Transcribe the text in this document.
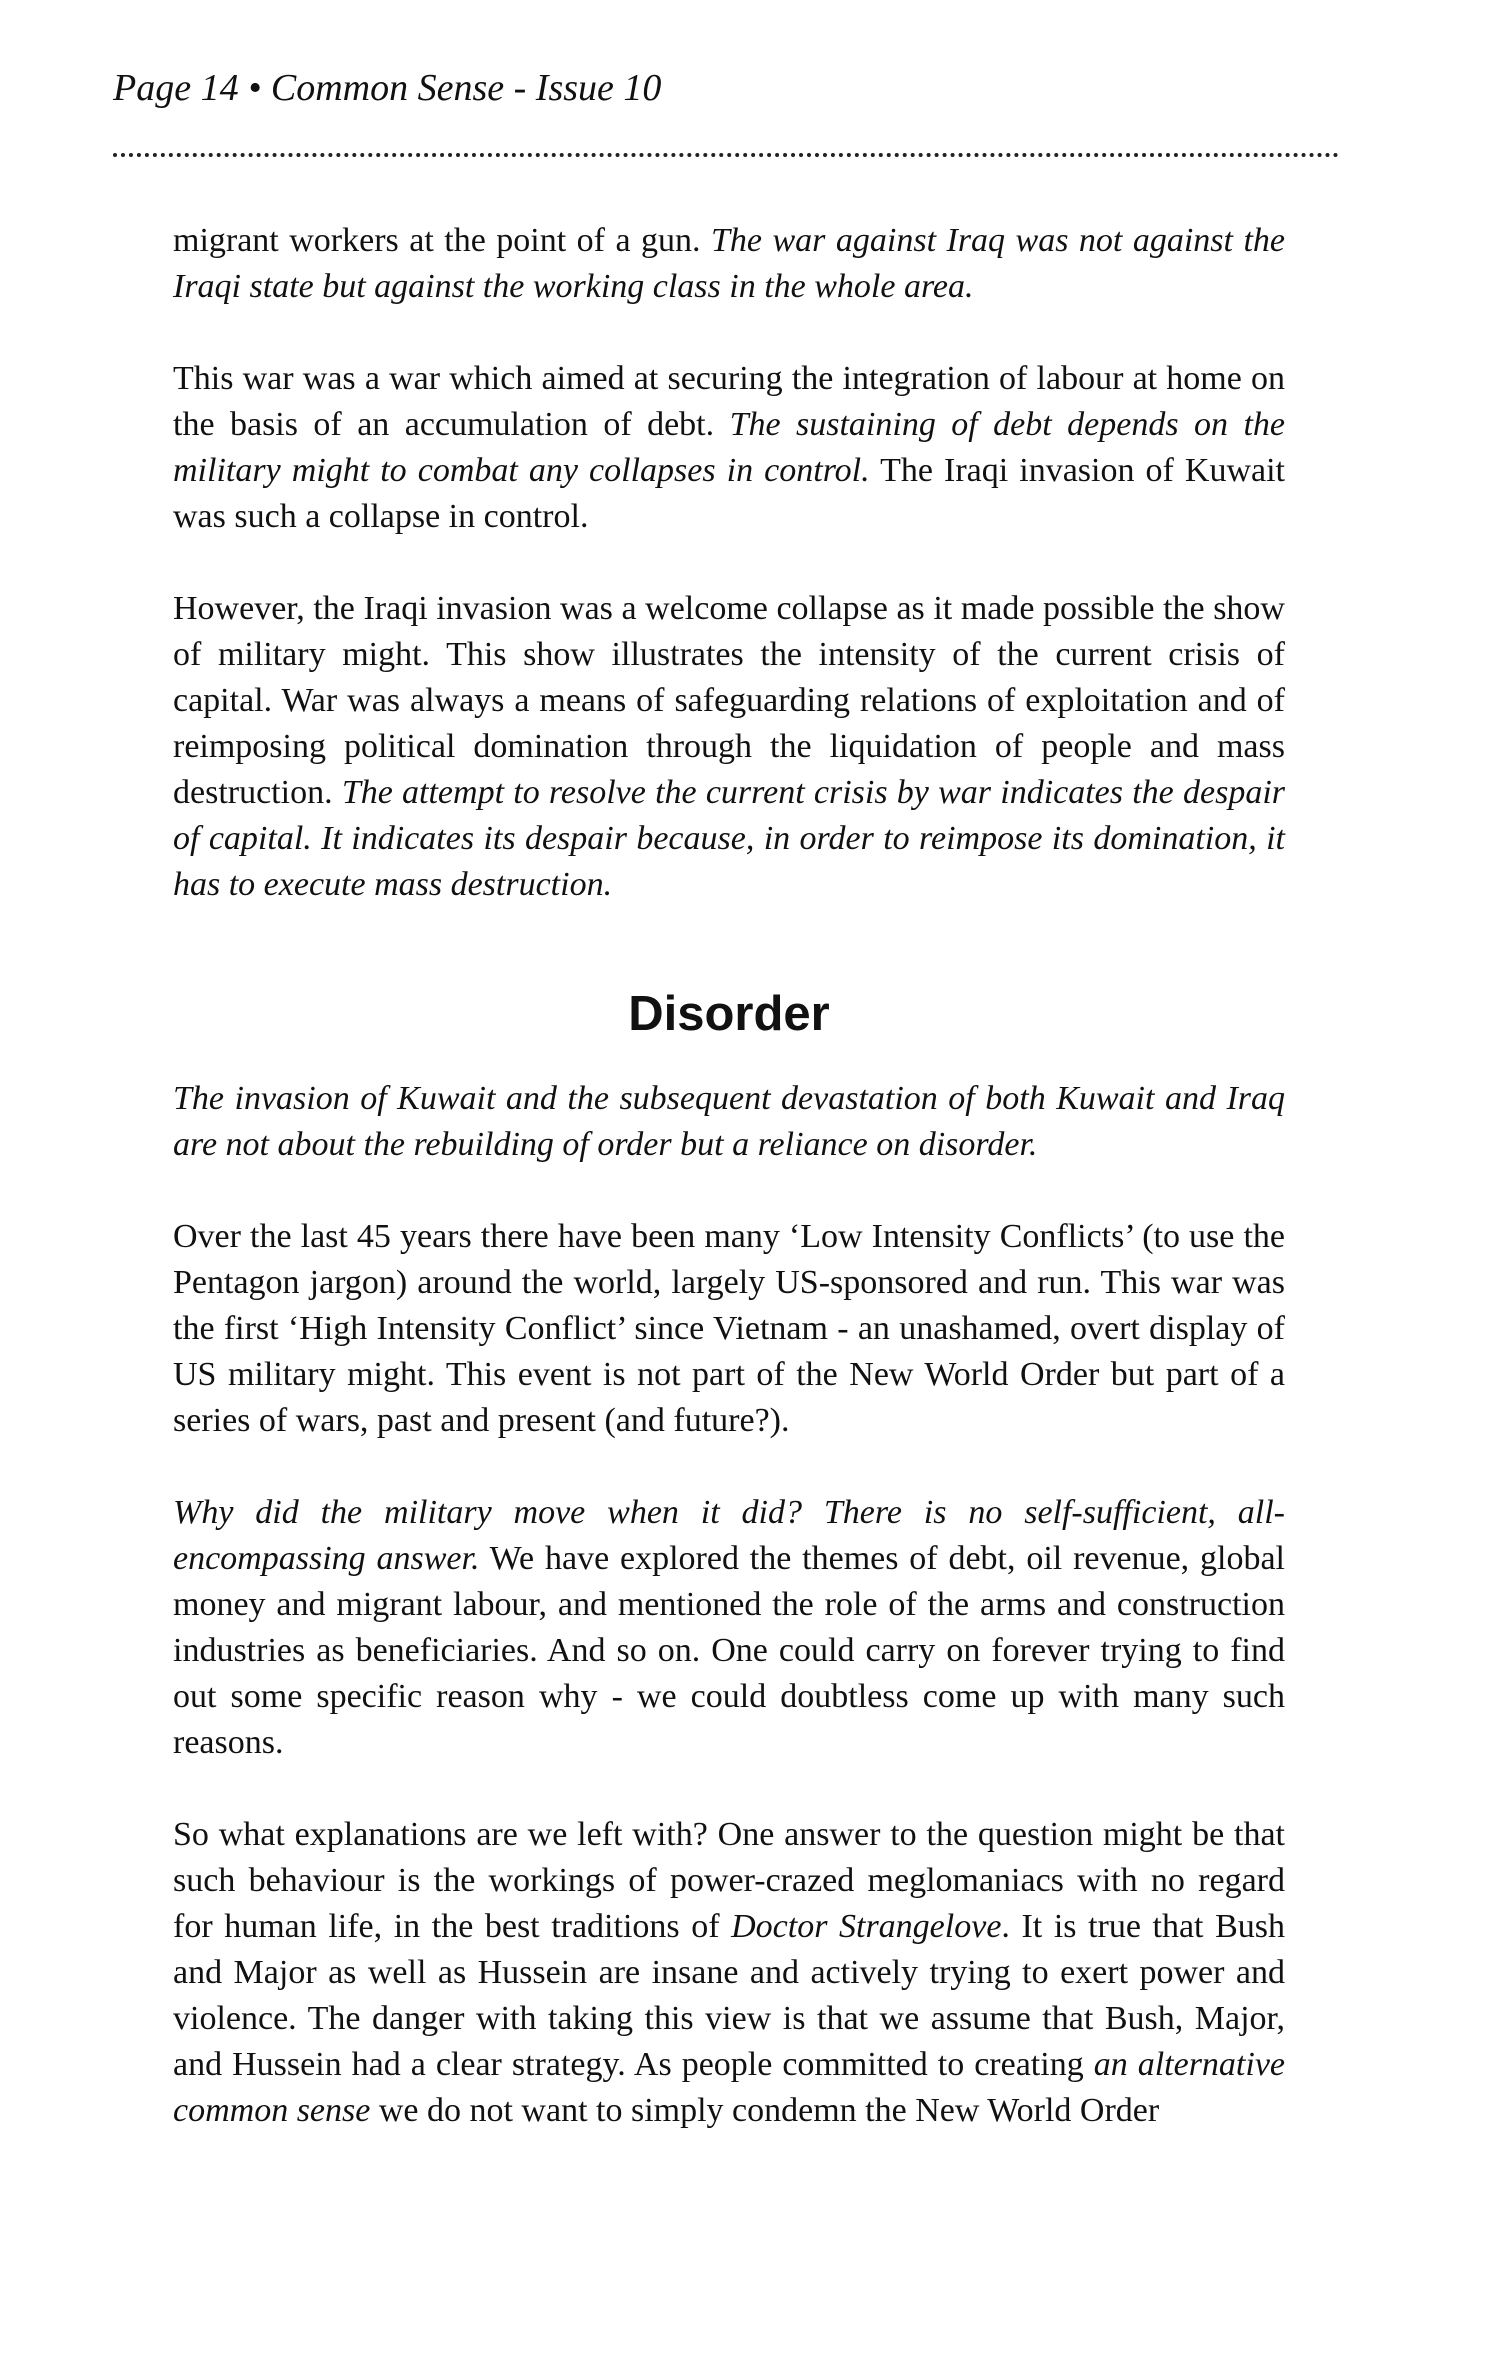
Page 14 • Common Sense - Issue 10

migrant workers at the point of a gun. The war against Iraq was not against the Iraqi state but against the working class in the whole area.

This war was a war which aimed at securing the integration of labour at home on the basis of an accumulation of debt. The sustaining of debt depends on the military might to combat any collapses in control. The Iraqi invasion of Kuwait was such a collapse in control.

However, the Iraqi invasion was a welcome collapse as it made possible the show of military might. This show illustrates the intensity of the current crisis of capital. War was always a means of safeguarding relations of exploitation and of reimposing political domination through the liquidation of people and mass destruction. The attempt to resolve the current crisis by war indicates the despair of capital. It indicates its despair because, in order to reimpose its domination, it has to execute mass destruction.

Disorder

The invasion of Kuwait and the subsequent devastation of both Kuwait and Iraq are not about the rebuilding of order but a reliance on disorder.

Over the last 45 years there have been many ‘Low Intensity Conflicts’ (to use the Pentagon jargon) around the world, largely US-sponsored and run. This war was the first ‘High Intensity Conflict’ since Vietnam - an unashamed, overt display of US military might. This event is not part of the New World Order but part of a series of wars, past and present (and future?).

Why did the military move when it did? There is no self-sufficient, all-encompassing answer. We have explored the themes of debt, oil revenue, global money and migrant labour, and mentioned the role of the arms and construction industries as beneficiaries. And so on. One could carry on forever trying to find out some specific reason why - we could doubtless come up with many such reasons.

So what explanations are we left with? One answer to the question might be that such behaviour is the workings of power-crazed meglomaniacs with no regard for human life, in the best traditions of Doctor Strangelove. It is true that Bush and Major as well as Hussein are insane and actively trying to exert power and violence. The danger with taking this view is that we assume that Bush, Major, and Hussein had a clear strategy. As people committed to creating an alternative common sense we do not want to simply condemn the New World Order
